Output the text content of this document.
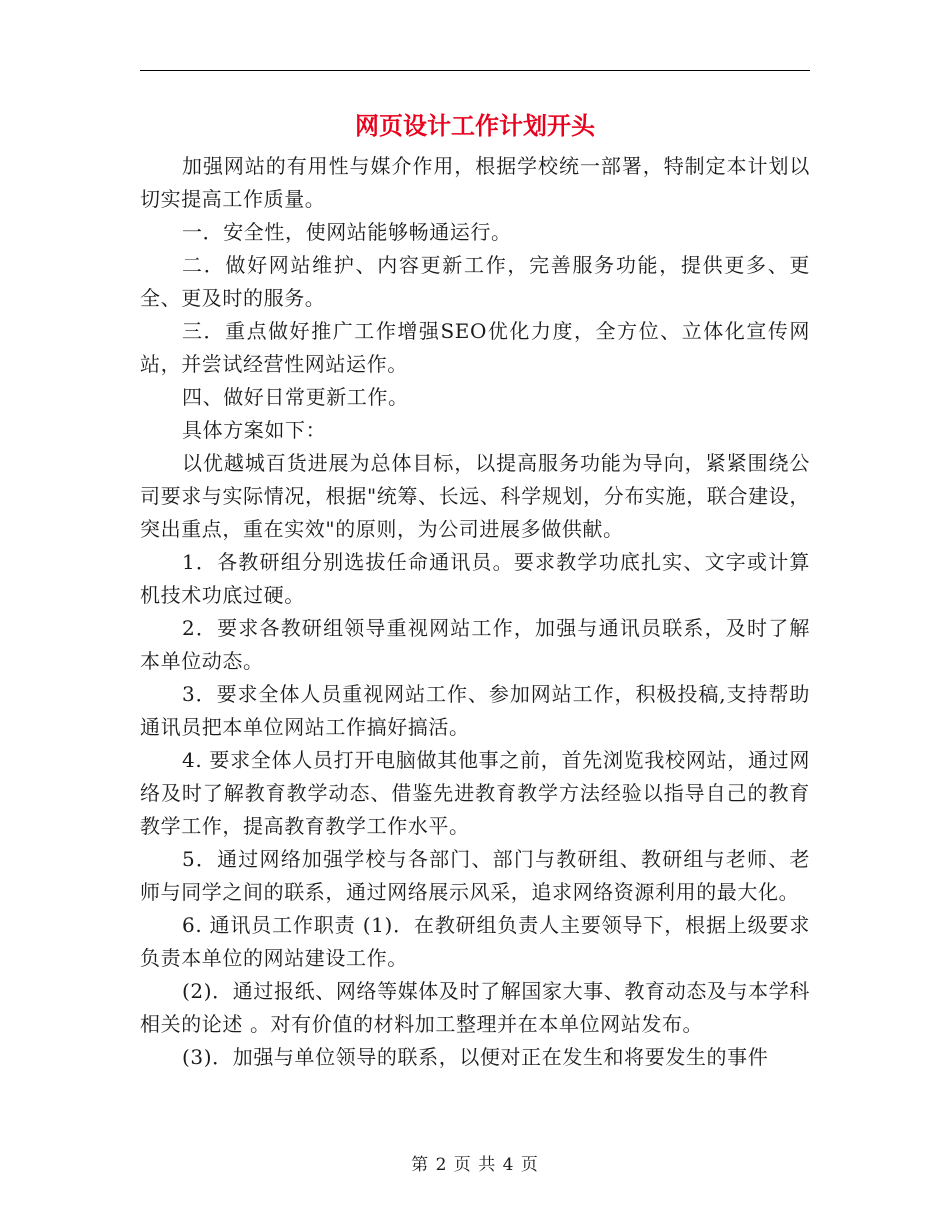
网页设计工作计划开头

加强网站的有用性与媒介作用，根据学校统一部署，特制定本计划以切实提高工作质量。

一．安全性，使网站能够畅通运行。

二．做好网站维护、内容更新工作，完善服务功能，提供更多、更全、更及时的服务。

三．重点做好推广工作增强SEO优化力度，全方位、立体化宣传网站，并尝试经营性网站运作。

四、做好日常更新工作。

具体方案如下：

以优越城百货进展为总体目标，以提高服务功能为导向，紧紧围绕公司要求与实际情况，根据"统筹、长远、科学规划，分布实施，联合建设，突出重点，重在实效"的原则，为公司进展多做供献。

1．各教研组分别选拔任命通讯员。要求教学功底扎实、文字或计算机技术功底过硬。

2．要求各教研组领导重视网站工作，加强与通讯员联系，及时了解本单位动态。

3．要求全体人员重视网站工作、参加网站工作，积极投稿,支持帮助通讯员把本单位网站工作搞好搞活。

4. 要求全体人员打开电脑做其他事之前，首先浏览我校网站，通过网络及时了解教育教学动态、借鉴先进教育教学方法经验以指导自己的教育教学工作，提高教育教学工作水平。

5．通过网络加强学校与各部门、部门与教研组、教研组与老师、老师与同学之间的联系，通过网络展示风采，追求网络资源利用的最大化。

6. 通讯员工作职责 (1)．在教研组负责人主要领导下，根据上级要求负责本单位的网站建设工作。

(2)．通过报纸、网络等媒体及时了解国家大事、教育动态及与本学科相关的论述 。对有价值的材料加工整理并在本单位网站发布。

(3)．加强与单位领导的联系，以便对正在发生和将要发生的事件

第 2 页 共 4 页
